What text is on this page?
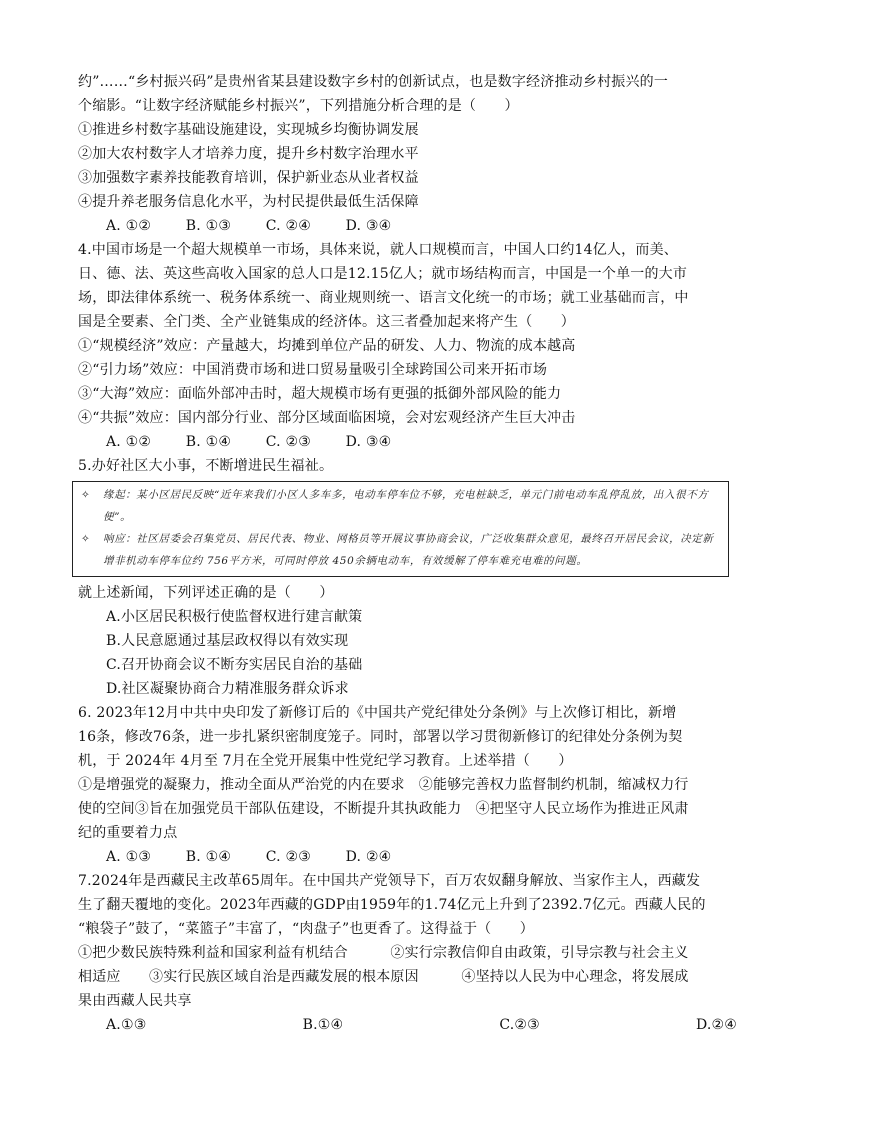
约”……“乡村振兴码”是贵州省某县建设数字乡村的创新试点，也是数字经济推动乡村振兴的一
个缩影。“让数字经济赋能乡村振兴”，下列措施分析合理的是（　　）
①推进乡村数字基础设施建设，实现城乡均衡协调发展
②加大农村数字人才培养力度，提升乡村数字治理水平
③加强数字素养技能教育培训，保护新业态从业者权益
④提升养老服务信息化水平，为村民提供最低生活保障
A. ①② B. ①③ C. ②④ D. ③④
4.中国市场是一个超大规模单一市场，具体来说，就人口规模而言，中国人口约14亿人，而美、
日、德、法、英这些高收入国家的总人口是12.15亿人；就市场结构而言，中国是一个单一的大市
场，即法律体系统一、税务体系统一、商业规则统一、语言文化统一的市场；就工业基础而言，中
国是全要素、全门类、全产业链集成的经济体。这三者叠加起来将产生（　　）
①“规模经济”效应：产量越大，均摊到单位产品的研发、人力、物流的成本越高
②“引力场”效应：中国消费市场和进口贸易量吸引全球跨国公司来开拓市场
③“大海”效应：面临外部冲击时，超大规模市场有更强的抵御外部风险的能力
④“共振”效应：国内部分行业、部分区域面临困境，会对宏观经济产生巨大冲击
A. ①② B. ①④ C. ②③ D. ③④
5.办好社区大小事，不断增进民生福祉。
✧	缘起：某小区居民反映“近年来我们小区人多车多，电动车停车位不够，充电桩缺乏，单元门前电动车乱停乱放，出入很不方便”。
✧	响应：社区居委会召集党员、居民代表、物业、网格员等开展议事协商会议，广泛收集群众意见，最终召开居民会议，决定新增非机动车停车位约 756平方米，可同时停放 450余辆电动车，有效缓解了停车难充电难的问题。
就上述新闻，下列评述正确的是（　　）
A.小区居民积极行使监督权进行建言献策
B.人民意愿通过基层政权得以有效实现
C.召开协商会议不断夯实居民自治的基础
D.社区凝聚协商合力精准服务群众诉求
6. 2023年12月中共中央印发了新修订后的《中国共产党纪律处分条例》与上次修订相比，新增
16条，修改76条，进一步扎紧织密制度笼子。同时，部署以学习贯彻新修订的纪律处分条例为契
机，于 2024年 4月至 7月在全党开展集中性党纪学习教育。上述举措（　　）
①是增强党的凝聚力，推动全面从严治党的内在要求　②能够完善权力监督制约机制，缩减权力行
使的空间③旨在加强党员干部队伍建设，不断提升其执政能力　④把坚守人民立场作为推进正风肃
纪的重要着力点
A. ①③ B. ①④ C. ②③ D. ②④
7.2024年是西藏民主改革65周年。在中国共产党领导下，百万农奴翻身解放、当家作主人，西藏发
生了翻天覆地的变化。2023年西藏的GDP由1959年的1.74亿元上升到了2392.7亿元。西藏人民的
“粮袋子”鼓了，“菜篮子”丰富了，“肉盘子”也更香了。这得益于（　　）
①把少数民族特殊利益和国家利益有机结合　　　②实行宗教信仰自由政策，引导宗教与社会主义
相适应　　③实行民族区域自治是西藏发展的根本原因　　　④坚持以人民为中心理念，将发展成
果由西藏人民共享
A.①③	B.①④	C.②③	D.②④
